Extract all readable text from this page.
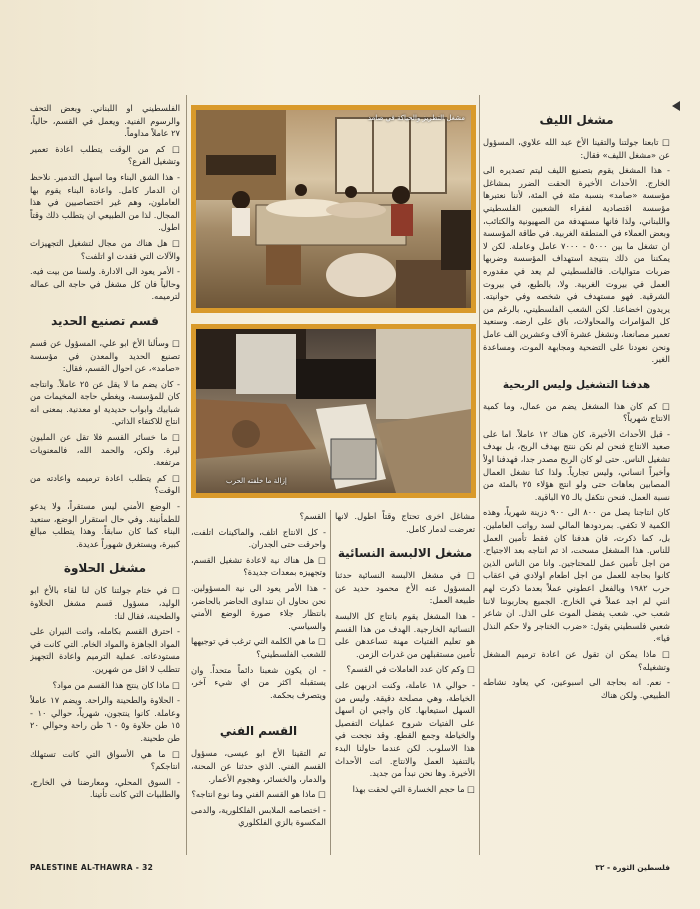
مشغل الليف

□ تابعنا جولتنا والتقينا الأخ عبد الله علاوي، المسؤول عن «مشغل الليف» فقال:

- هذا المشغل يقوم بتصنيع الليف ليتم تصديره الى الخارج. الأحداث الأخيرة الحقت الضرر بمشاغل مؤسسة «صامد» بنسبة مئة في المئة، لأننا نعتبرها مؤسسة اقتصادية لفقراء الشعبين الفلسطيني واللبناني، ولذا فانها مستهدفة من الصهيونية والكتائب، وبعض العملاء في المنطقة الغربية. في طاقة المؤسسة ان تشغل ما بين ٥٠٠٠ - ٧٠٠٠ عامل وعاملة. لكن لا يمكننا من ذلك بنتيجة استهداف المؤسسة وضربها ضربات متواليات. فالفلسطيني لم يعد في مقدوره العمل في بيروت الغربية. ولا، بالطبع، في بيروت الشرقية. فهو مستهدف في شخصه وفي حوانيته. يريدون اخضاعنا. لكن الشعب الفلسطيني، بالرغم من كل المؤامرات والمحاولات، باق على ارضه. وسنعيد تعمير مصانعنا، ونشغل عشرة آلاف وعشرين الف عامل ونحن نعودنا على التضحية ومجابهة الموت، ومساعدة الغير.

هدفنا التشغيل وليس الربحية

□ كم كان هذا المشغل يضم من عمال، وما كمية الانتاج شهرياً؟

- قبل الأحداث الأخيرة، كان هناك ١٢ عاملاً. اما على صعيد الانتاج فنحن لم نكن ننتج بهدف الربح، بل بهدف تشغيل الناس. حتى لو كان الربح مصدر جدا، فهدفنا اولاً وأخيراً انساني، وليس تجارياً. ولذا كنا نشغل العمال المصابين بعاهات حتى ولو انتج هؤلاء ٢٥ بالمئة من نسبة العمل. فنحن نتكفل بالـ ٧٥ الباقية.

كان انتاجنا يصل من ٨٠٠ الى ٩٠٠ دزينة شهرياً، وهذه الكمية لا تكفي. بمردودها المالي لسد رواتب العاملين. بل، كما ذكرت، فان هدفنا كان فقط تأمين العمل للناس. هذا المشغل مسحت، اذ تم انتاجه بعد الاجتياح. من اجل تأمين عمل للمحتاجين. وانا من الناس الذين كانوا بحاجة للعمل من اجل اطعام اولادي في اعقاب حرب ١٩٨٢ وبالفعل اعطوني عملاً بعدما ذكرت لهم انني لم اجد عملاً في الخارج. الجميع يحاربوننا لاننا شعب حي. شعب يفضل الموت على الذل. ان شاعر شعبي فلسطيني يقول: «ضرب الخناجر ولا حكم النذل فيا».

□ ماذا يمكن ان تقول عن اعادة ترميم المشغل وتشغيله؟

- نعم. انه بحاجة الى اسبوعين، كي يعاود نشاطه الطبيعي. ولكن هناك

مشغل التطريز والحياكة في صامد
إزالة ما خلفته الحرب

مشاغل اخرى تحتاج وقتاً اطول. لانها تعرضت لدمار كامل.

مشغل الالبسة النسائية

□ في مشغل الالبسة النسائية حدثنا المسؤول عنه الأخ محمود حديد عن طبيعة العمل:

- هذا المشغل يقوم بانتاج كل الالبسة النسائية الخارجية. الهدف من هذا القسم هو تعليم الفتيات مهنة تساعدهن على تأمين مستقبلهن من غدرات الزمن.

□ وكم كان عدد العاملات في القسم؟

- حوالي ١٨ عاملة، وكنت ادربهن على الخياطة، وهي مصلحة دقيقة. وليس من السهل استيعابها. كان واجبي ان اسهل على الفتيات شروح عمليات التفصيل والخياطة وجمع القطع. وقد نجحت في هذا الاسلوب. لكن عندما حاولنا البدء بالتنفيذ العمل والانتاج. اتت الأحداث الأخيرة. وها نحن نبدأ من جديد.

□ ما حجم الخسارة التي لحقت بهذا

القسم؟

- كل الانتاج اتلف، والماكينات اتلفت، واحرقت حتى الجدران.

□ هل هناك نية لاعادة تشغيل القسم، وتجهيزه بمعدات جديدة؟

- هذا الأمر يعود الى نية المسؤولين. نحن نحاول ان نتداوى الحاضر بالحاضر، بانتظار جلاء صورة الوضع الأمني والسياسي.

□ ما هي الكلمة التي ترغب في توجيهها للشعب الفلسطيني؟

- ان يكون شعبنا دائماً متحداً. وان يستقبله اكثر من اي شيء آخر، ويتصرف بحكمة.

القسم الفني

تم التقينا الأخ ابو عيسى، مسؤول القسم الفني. الذي حدثنا عن المحنة، والدمار، والخسائر، وهجوم الأعمار.

□ ماذا هو القسم الفني وما نوع انتاجه؟

- اختصاصه الملابس الفلكلورية، والدمى المكسوة بالزي الفلكلوري

الفلسطيني او اللبناني. وبعض التحف والرسوم الفنية. ويعمل في القسم، حالياً، ٢٧ عاملاً مداوماً.

□ كم من الوقت يتطلب اعادة تعمير وتشغيل الفرع؟

- هذا الشق البناء وما اسهل التدمير. نلاحظ ان الدمار كامل. واعادة البناء يقوم بها العاملون، وهم غير اختصاصيين في هذا المجال. لذا من الطبيعي ان يتطلب ذلك وقتاً اطول.

□ هل هناك من مجال لتشغيل التجهيزات والآلات التي فقدت او اتلفت؟

- الأمر يعود الى الادارة. ولسنا من بيت فيه. وحالياً فان كل مشغل في حاجة الى عماله لترميمه.

قسم تصنيع الحديد

□ وسألنا الأخ ابو علي، المسؤول عن قسم تصنيع الحديد والمعدن في مؤسسة «صامد»، عن احوال القسم، فقال:

- كان يضم ما لا يقل عن ٢٥ عاملاً. وانتاجه كان للمؤسسة، ويغطي حاجة المخيمات من شبابيك وابواب حديدية او معدنية. بمعنى انه انتاج للاكتفاء الذاتي.

□ ما خسائر القسم فلا تقل عن المليون ليرة. ولكن، والحمد الله، فالمعنويات مرتفعة.

□ كم يتطلب اعادة ترميمه واعادته من الوقت؟

- الوضع الأمني ليس مستقراً، ولا يدعو للطمأنينة. وفي حال استقرار الوضع، سنعيد البناء كما كان سابقاً. وهذا يتطلب مبالغ كبيرة، ويستغرق شهوراً عديدة.

مشغل الحلاوة

□ في ختام جولتنا كان لنا لقاء بالأخ ابو الوليد، مسؤول قسم مشغل الحلاوة والطحينة، فقال لنا:

- احترق القسم بكامله، واتت النيران على المواد الجاهزة والمواد الخام. التي كانت في مستودعاته. عملية الترميم واعادة التجهيز تتطلب لا اقل من شهرين.

□ ماذا كان ينتج هذا القسم من مواد؟

- الحلاوة والطحينة والراحة. ويضم ١٧ عاملاً وعاملة. كانوا ينتجون، شهرياً، حوالي ١٠ - ١٥ طن حلاوة و٥ - ٦ طن راحة وحوالي ٢٠ طن طحينة.

□ ما هي الأسواق التي كانت تستهلك انتاجكم؟

- السوق المحلي، ومعارضنا في الخارج، والطلبيات التي كانت تأتينا.

PALESTINE AL-THAWRA - 32	فلسطين الثورة - ٣٢
